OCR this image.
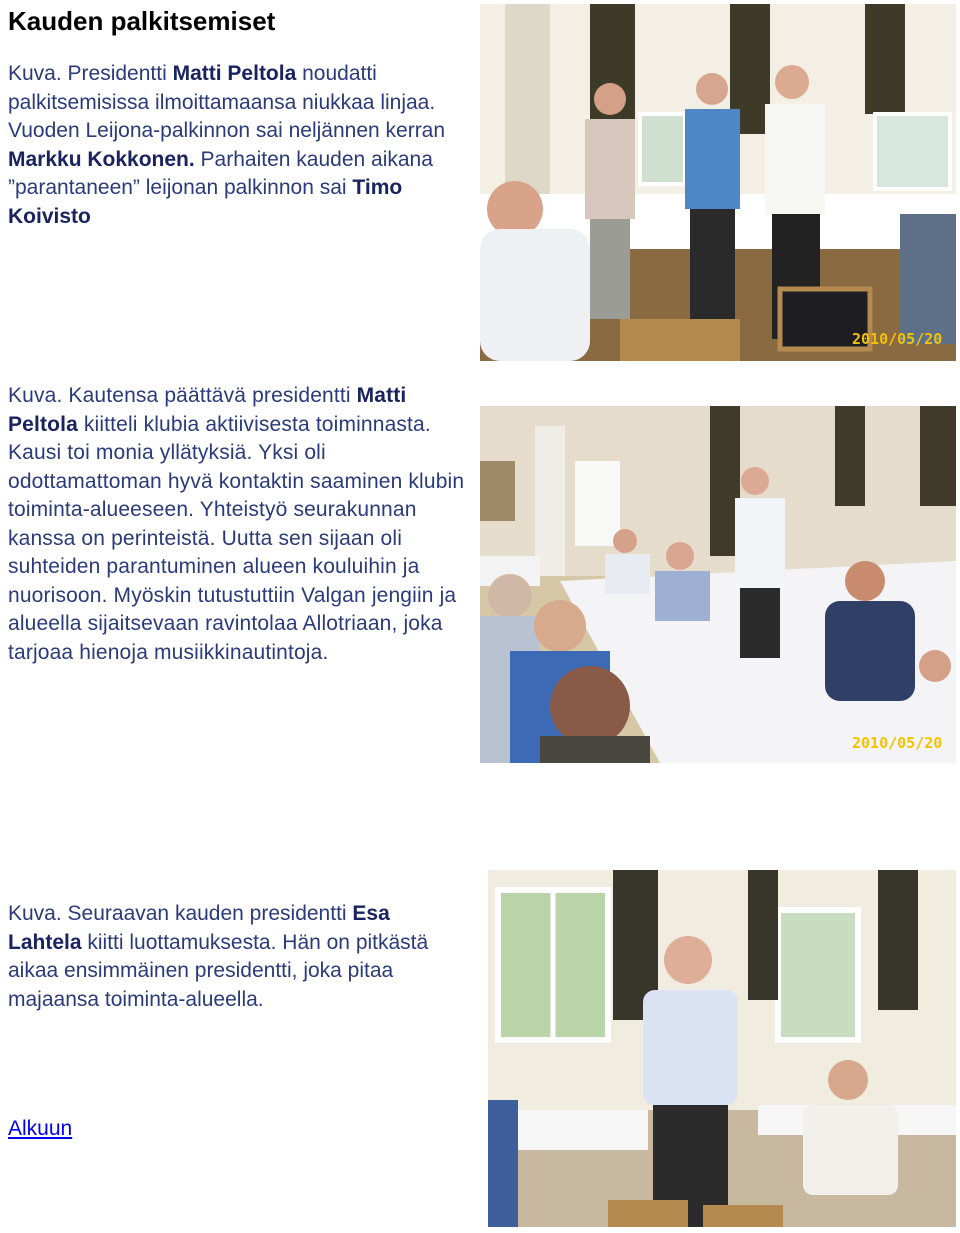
Kauden palkitsemiset
Kuva. Presidentti Matti Peltola noudatti palkitsemisissa ilmoittamaansa niukkaa linjaa. Vuoden Leijona-palkinnon sai neljännen kerran Markku Kokkonen. Parhaiten kauden aikana ”parantaneen” leijonan palkinnon sai Timo Koivisto
Kuva. Kautensa päättävä presidentti Matti Peltola kiitteli klubia aktiivisesta toiminnasta. Kausi toi monia yllätyksiä. Yksi oli odottamattoman hyvä kontaktin saaminen klubin toiminta-alueeseen. Yhteistyö seurakunnan kanssa on perinteistä. Uutta sen sijaan oli suhteiden parantuminen alueen kouluihin ja nuorisoon. Myöskin tutustuttiin Valgan jengiin ja alueella sijaitsevaan ravintolaa Allotriaan, joka tarjoaa hienoja musiikkinautintoja.
Kuva. Seuraavan kauden presidentti Esa Lahtela kiitti luottamuksesta. Hän on pitkästä aikaa ensimmäinen presidentti, joka pitaa majaansa toiminta-alueella.
Alkuun
2010/05/20
2010/05/20
